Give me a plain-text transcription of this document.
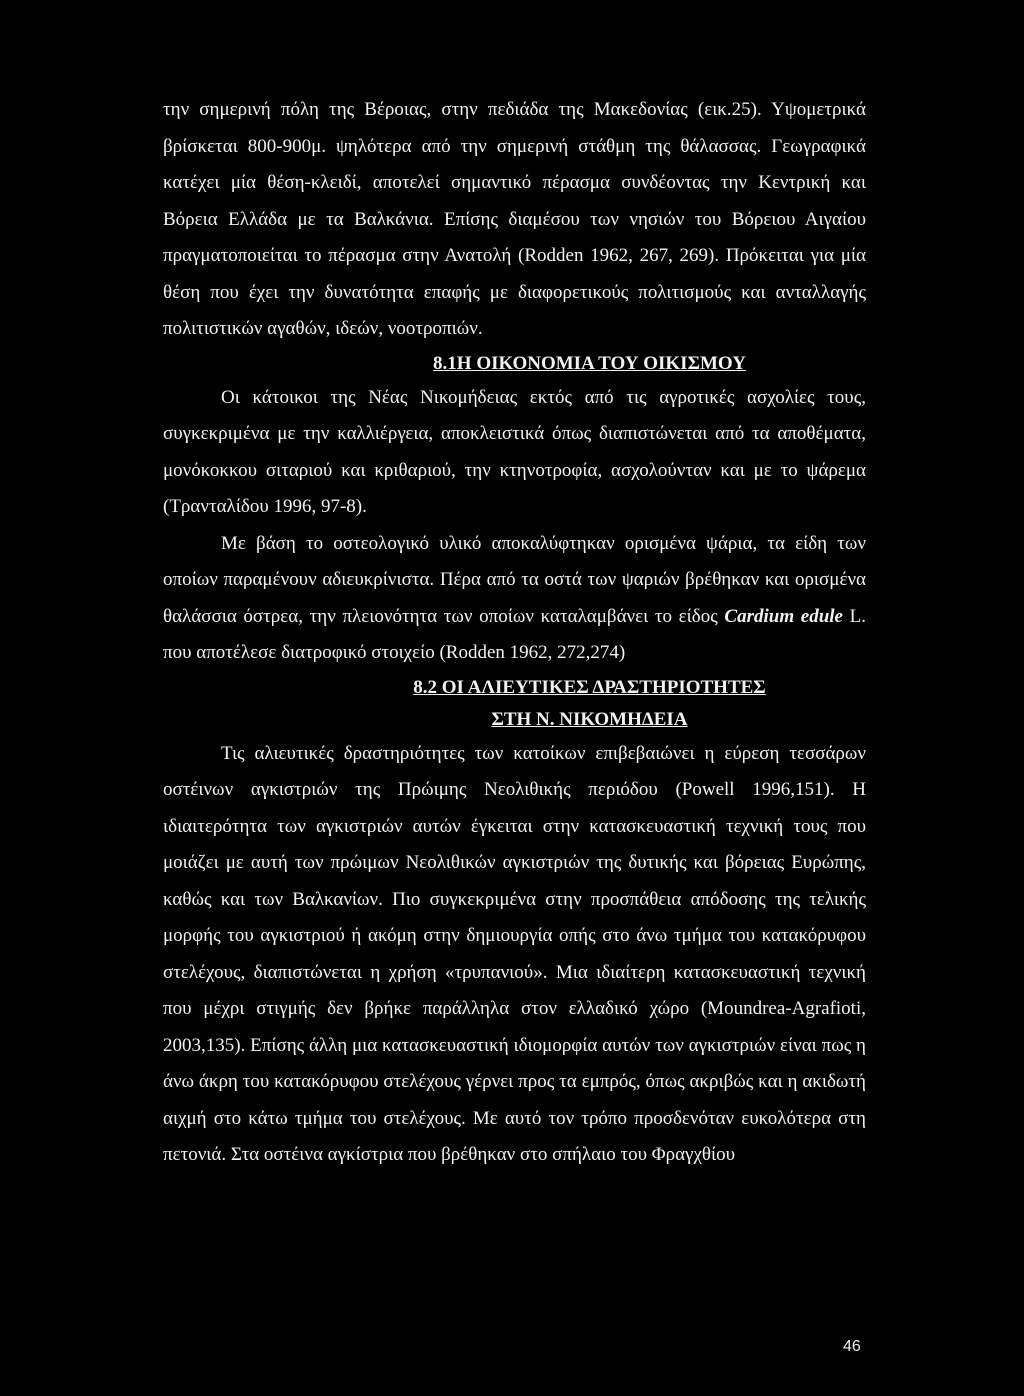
την σημερινή πόλη της Βέροιας, στην πεδιάδα της Μακεδονίας (εικ.25). Υψομετρικά βρίσκεται 800-900μ. ψηλότερα από την σημερινή στάθμη της θάλασσας. Γεωγραφικά κατέχει μία θέση-κλειδί, αποτελεί σημαντικό πέρασμα συνδέοντας την Κεντρική και Βόρεια Ελλάδα με τα Βαλκάνια. Επίσης διαμέσου των νησιών του Βόρειου Αιγαίου πραγματοποιείται το πέρασμα στην Ανατολή (Rodden 1962, 267, 269). Πρόκειται για μία θέση που έχει την δυνατότητα επαφής με διαφορετικούς πολιτισμούς και ανταλλαγής πολιτιστικών αγαθών, ιδεών, νοοτροπιών.

8.1Η ΟΙΚΟΝΟΜΙΑ ΤΟΥ ΟΙΚΙΣΜΟΥ

Οι κάτοικοι της Νέας Νικομήδειας εκτός από τις αγροτικές ασχολίες τους, συγκεκριμένα με την καλλιέργεια, αποκλειστικά όπως διαπιστώνεται από τα αποθέματα, μονόκοκκου σιταριού και κριθαριού, την κτηνοτροφία, ασχολούνταν και με το ψάρεμα (Τρανταλίδου 1996, 97-8).

Με βάση το οστεολογικό υλικό αποκαλύφτηκαν ορισμένα ψάρια, τα είδη των οποίων παραμένουν αδιευκρίνιστα. Πέρα από τα οστά των ψαριών βρέθηκαν και ορισμένα θαλάσσια όστρεα, την πλειονότητα των οποίων καταλαμβάνει το είδος Cardium edule L. που αποτέλεσε διατροφικό στοιχείο (Rodden 1962, 272,274)

8.2 ΟΙ ΑΛΙΕΥΤΙΚΕΣ ΔΡΑΣΤΗΡΙΟΤΗΤΕΣ

ΣΤΗ Ν. ΝΙΚΟΜΗΔΕΙΑ

Τις αλιευτικές δραστηριότητες των κατοίκων επιβεβαιώνει η εύρεση τεσσάρων οστέινων αγκιστριών της Πρώιμης Νεολιθικής περιόδου (Powell 1996,151). Η ιδιαιτερότητα των αγκιστριών αυτών έγκειται στην κατασκευαστική τεχνική τους που μοιάζει με αυτή των πρώιμων Νεολιθικών αγκιστριών της δυτικής και βόρειας Ευρώπης, καθώς και των Βαλκανίων. Πιο συγκεκριμένα στην προσπάθεια απόδοσης της τελικής μορφής του αγκιστριού ή ακόμη στην δημιουργία οπής στο άνω τμήμα του κατακόρυφου στελέχους, διαπιστώνεται η χρήση «τρυπανιού». Μια ιδιαίτερη κατασκευαστική τεχνική που μέχρι στιγμής δεν βρήκε παράλληλα στον ελλαδικό χώρο (Moundrea-Agrafioti, 2003,135). Επίσης άλλη μια κατασκευαστική ιδιομορφία αυτών των αγκιστριών είναι πως η άνω άκρη του κατακόρυφου στελέχους γέρνει προς τα εμπρός, όπως ακριβώς και η ακιδωτή αιχμή στο κάτω τμήμα του στελέχους. Με αυτό τον τρόπο προσδενόταν ευκολότερα στη πετονιά. Στα οστέινα αγκίστρια που βρέθηκαν στο σπήλαιο του Φραγχθίου

46
